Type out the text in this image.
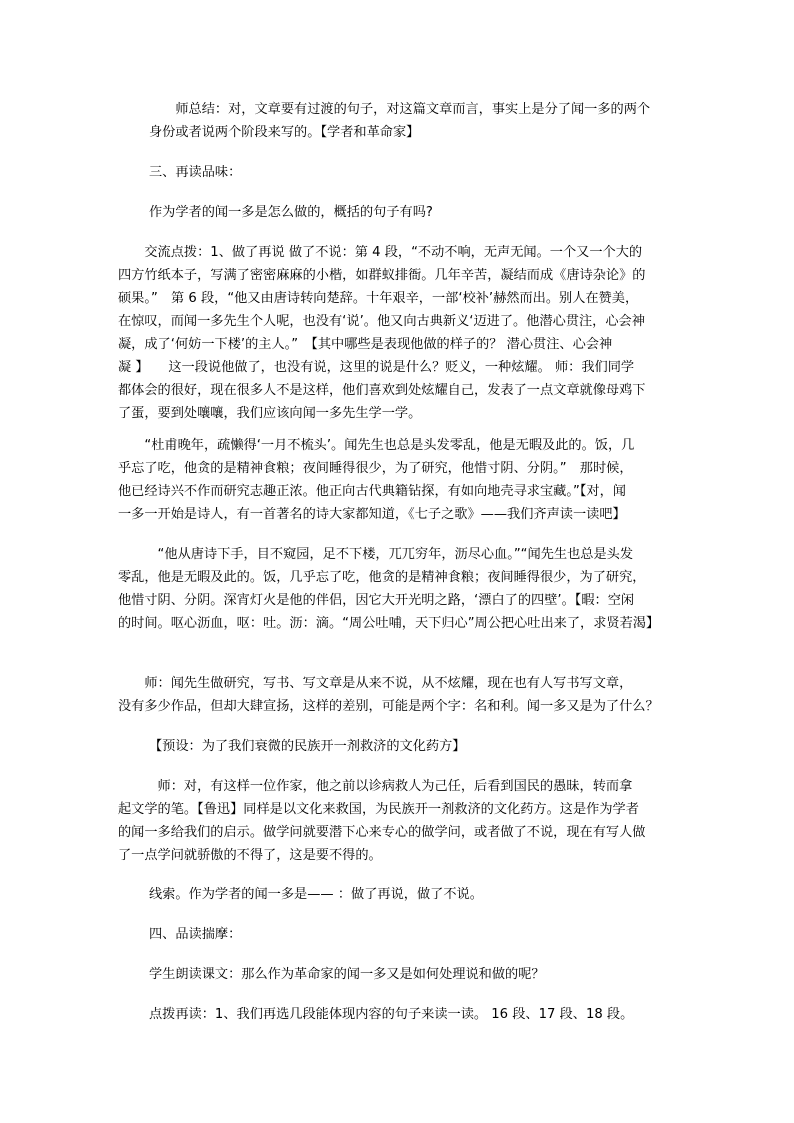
　　师总结：对，文章要有过渡的句子，对这篇文章而言，事实上是分了闻一多的两个
身份或者说两个阶段来写的。【学者和革命家】
三、再读品味：
作为学者的闻一多是怎么做的，概括的句子有吗?
　　交流点拨：1、做了再说 做了不说：第 4 段，“不动不响，无声无闻。一个又一个大的
四方竹纸本子，写满了密密麻麻的小楷，如群蚁排衙。几年辛苦，凝结而成《唐诗杂论》的
硕果。”　第 6 段，“他又由唐诗转向楚辞。十年艰辛，一部‘校补’赫然而出。别人在赞美，
在惊叹，而闻一多先生个人呢，也没有‘说’。他又向古典新义‘迈进了。他潜心贯注，心会神
凝，成了‘何妨一下楼’的主人。”　【其中哪些是表现他做的样子的？ 潜心贯注、心会神
凝 】　　这一段说他做了，也没有说，这里的说是什么？贬义，一种炫耀。 师：我们同学
都体会的很好，现在很多人不是这样，他们喜欢到处炫耀自己，发表了一点文章就像母鸡下
了蛋，要到处嚷嚷，我们应该向闻一多先生学一学。
　　“杜甫晚年，疏懒得‘一月不梳头’。闻先生也总是头发零乱，他是无暇及此的。饭，几
乎忘了吃，他贪的是精神食粮；夜间睡得很少，为了研究，他惜寸阴、分阴。”　那时候，
他已经诗兴不作而研究志趣正浓。他正向古代典籍钻探，有如向地壳寻求宝藏。”【对，闻
一多一开始是诗人，有一首著名的诗大家都知道，《七子之歌》——我们齐声读一读吧】
　　　“他从唐诗下手，目不窥园，足不下楼，兀兀穷年，沥尽心血。”“闻先生也总是头发
零乱，他是无暇及此的。饭，几乎忘了吃，他贪的是精神食粮；夜间睡得很少，为了研究，
他惜寸阴、分阴。深宵灯火是他的伴侣，因它大开光明之路，‘漂白了的四壁’。【暇：空闲
的时间。呕心沥血，呕：吐。沥：滴。“周公吐哺，天下归心”周公把心吐出来了，求贤若渴】
　　师：闻先生做研究，写书、写文章是从来不说，从不炫耀，现在也有人写书写文章，
没有多少作品，但却大肆宣扬，这样的差别，可能是两个字：名和利。闻一多又是为了什么？
【预设：为了我们衰微的民族开一剂救济的文化药方】
　　　师：对，有这样一位作家，他之前以诊病救人为己任，后看到国民的愚昧，转而拿
起文学的笔。【鲁迅】同样是以文化来救国，为民族开一剂救济的文化药方。这是作为学者
的闻一多给我们的启示。做学问就要潜下心来专心的做学问，或者做了不说，现在有写人做
了一点学问就骄傲的不得了，这是要不得的。
线索。作为学者的闻一多是—— ：做了再说，做了不说。
四、品读揣摩：
学生朗读课文：那么作为革命家的闻一多又是如何处理说和做的呢？
点拨再读：1、我们再选几段能体现内容的句子来读一读。 16 段、17 段、18 段。
